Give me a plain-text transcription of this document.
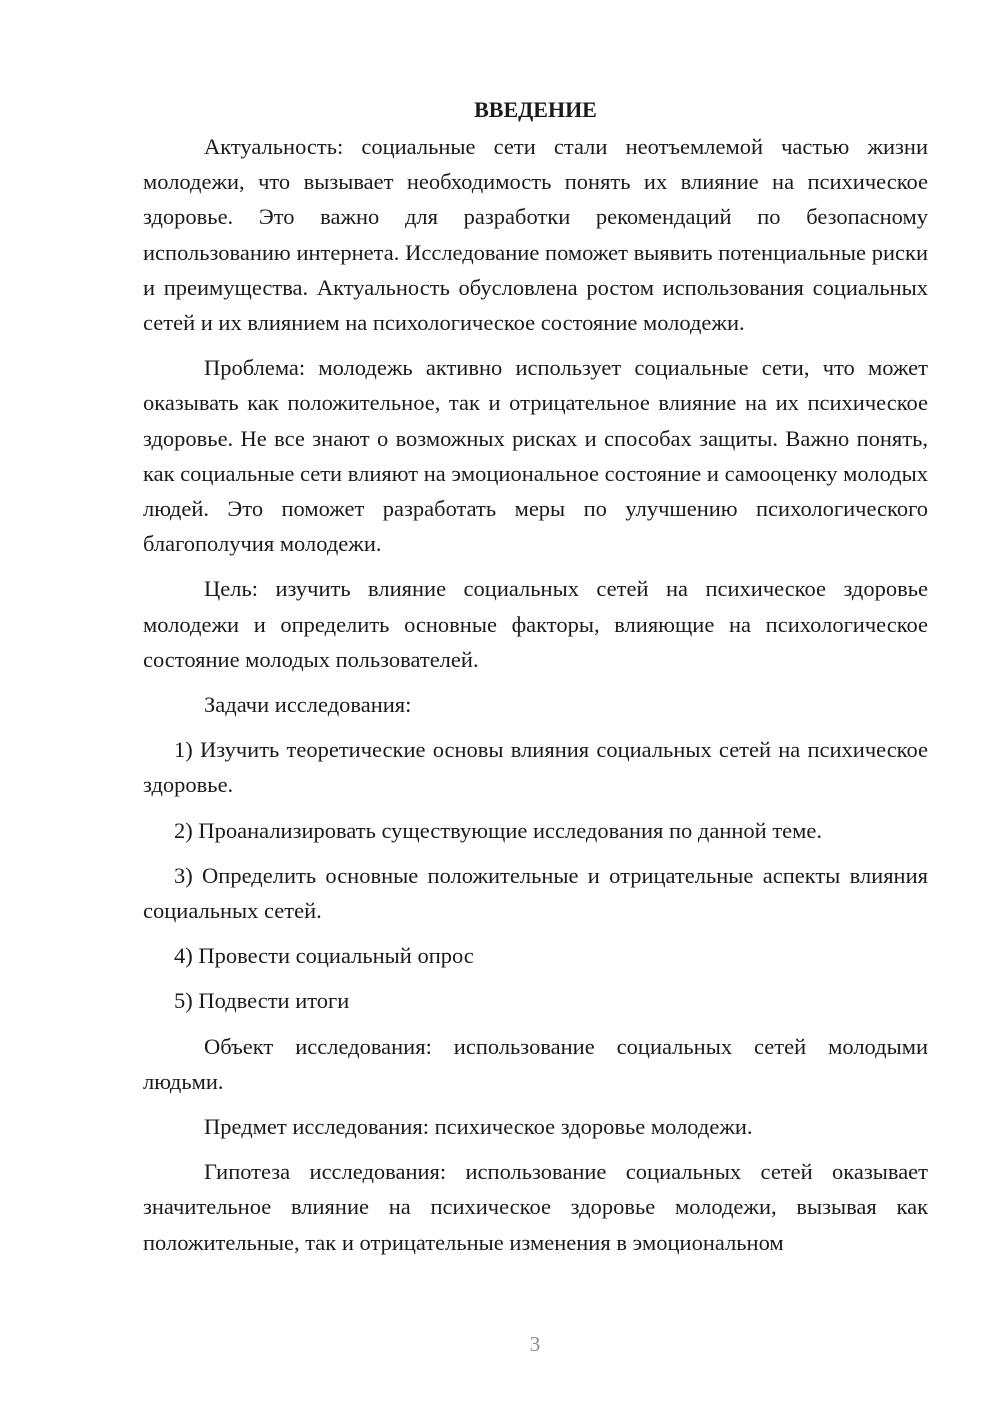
ВВЕДЕНИЕ

Актуальность: социальные сети стали неотъемлемой частью жизни молодежи, что вызывает необходимость понять их влияние на психическое здоровье. Это важно для разработки рекомендаций по безопасному использованию интернета. Исследование поможет выявить потенциальные риски и преимущества. Актуальность обусловлена ростом использования социальных сетей и их влиянием на психологическое состояние молодежи.

Проблема: молодежь активно использует социальные сети, что может оказывать как положительное, так и отрицательное влияние на их психическое здоровье. Не все знают о возможных рисках и способах защиты. Важно понять, как социальные сети влияют на эмоциональное состояние и самооценку молодых людей. Это поможет разработать меры по улучшению психологического благополучия молодежи.

Цель: изучить влияние социальных сетей на психическое здоровье молодежи и определить основные факторы, влияющие на психологическое состояние молодых пользователей.

Задачи исследования:

1) Изучить теоретические основы влияния социальных сетей на психическое здоровье.

2) Проанализировать существующие исследования по данной теме.

3) Определить основные положительные и отрицательные аспекты влияния социальных сетей.

4) Провести социальный опрос

5) Подвести итоги

Объект исследования: использование социальных сетей молодыми людьми.

Предмет исследования: психическое здоровье молодежи.

Гипотеза исследования: использование социальных сетей оказывает значительное влияние на психическое здоровье молодежи, вызывая как положительные, так и отрицательные изменения в эмоциональном

3
